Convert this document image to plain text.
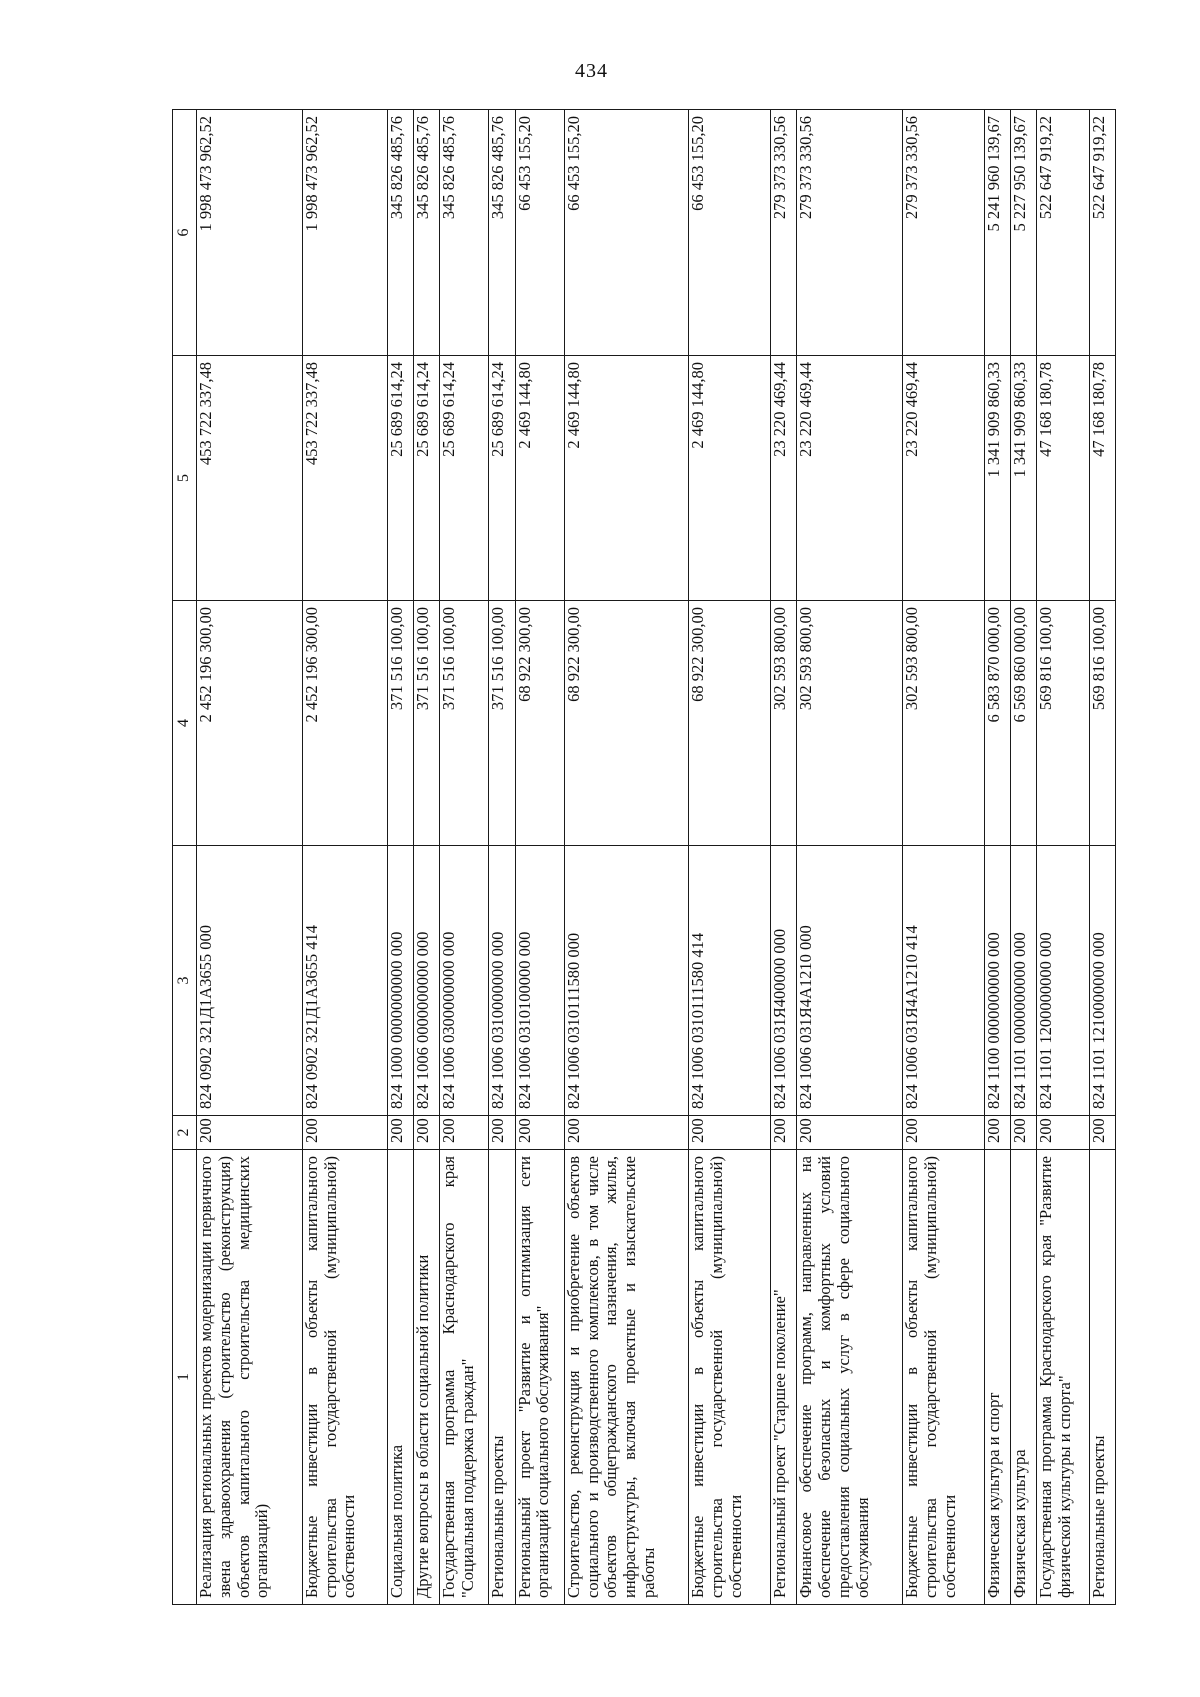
434
1	2	3	4	5	6
Реализация региональных проектов модернизации первичного звена здравоохранения (строительство (реконструкция) объектов капитального строительства медицинских организаций)	200	824 0902 321Д1А3655 000	2 452 196 300,00	453 722 337,48	1 998 473 962,52
Бюджетные инвестиции в объекты капитального строительства государственной (муниципальной) собственности	200	824 0902 321Д1А3655 414	2 452 196 300,00	453 722 337,48	1 998 473 962,52
Социальная политика	200	824 1000 0000000000 000	371 516 100,00	25 689 614,24	345 826 485,76
Другие вопросы в области социальной политики	200	824 1006 0000000000 000	371 516 100,00	25 689 614,24	345 826 485,76
Государственная программа Краснодарского края "Социальная поддержка граждан"	200	824 1006 0300000000 000	371 516 100,00	25 689 614,24	345 826 485,76
Региональные проекты	200	824 1006 0310000000 000	371 516 100,00	25 689 614,24	345 826 485,76
Региональный проект "Развитие и оптимизация сети организаций социального обслуживания"	200	824 1006 0310100000 000	68 922 300,00	2 469 144,80	66 453 155,20
Строительство, реконструкция и приобретение объектов социального и производственного комплексов, в том числе объектов общегражданского назначения, жилья, инфраструктуры, включая проектные и изыскательские работы	200	824 1006 0310111580 000	68 922 300,00	2 469 144,80	66 453 155,20
Бюджетные инвестиции в объекты капитального строительства государственной (муниципальной) собственности	200	824 1006 0310111580 414	68 922 300,00	2 469 144,80	66 453 155,20
Региональный проект "Старшее поколение"	200	824 1006 031Я400000 000	302 593 800,00	23 220 469,44	279 373 330,56
Финансовое обеспечение программ, направленных на обеспечение безопасных и комфортных условий предоставления социальных услуг в сфере социального обслуживания	200	824 1006 031Я4А1210 000	302 593 800,00	23 220 469,44	279 373 330,56
Бюджетные инвестиции в объекты капитального строительства государственной (муниципальной) собственности	200	824 1006 031Я4А1210 414	302 593 800,00	23 220 469,44	279 373 330,56
Физическая культура и спорт	200	824 1100 0000000000 000	6 583 870 000,00	1 341 909 860,33	5 241 960 139,67
Физическая культура	200	824 1101 0000000000 000	6 569 860 000,00	1 341 909 860,33	5 227 950 139,67
Государственная программа Краснодарского края "Развитие физической культуры и спорта"	200	824 1101 1200000000 000	569 816 100,00	47 168 180,78	522 647 919,22
Региональные проекты	200	824 1101 1210000000 000	569 816 100,00	47 168 180,78	522 647 919,22
